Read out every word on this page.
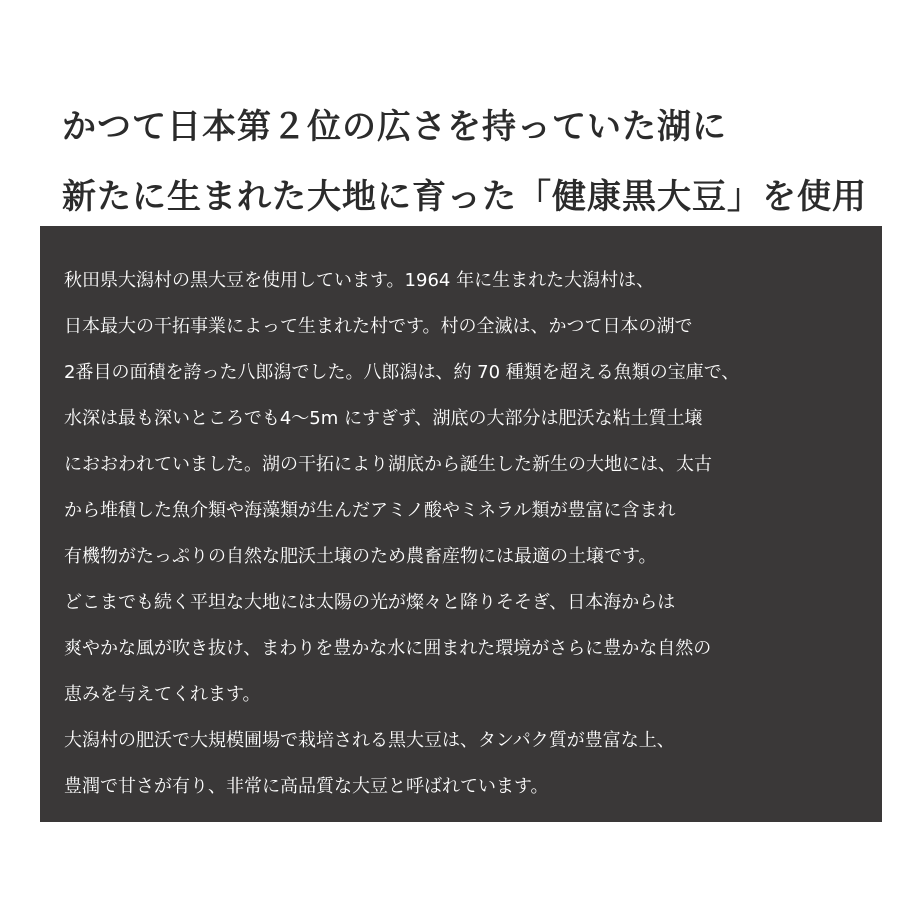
かつて日本第２位の広さを持っていた湖に
新たに生まれた大地に育った「健康黒大豆」を使用

秋田県大潟村の黒大豆を使用しています。1964 年に生まれた大潟村は、
日本最大の干拓事業によって生まれた村です。村の全滅は、かつて日本の湖で
2番目の面積を誇った八郎潟でした。八郎潟は、約 70 種類を超える魚類の宝庫で、
水深は最も深いところでも4～5m にすぎず、湖底の大部分は肥沃な粘土質土壌
におおわれていました。湖の干拓により湖底から誕生した新生の大地には、太古
から堆積した魚介類や海藻類が生んだアミノ酸やミネラル類が豊富に含まれ
有機物がたっぷりの自然な肥沃土壌のため農畜産物には最適の土壌です。
どこまでも続く平坦な大地には太陽の光が燦々と降りそそぎ、日本海からは
爽やかな風が吹き抜け、まわりを豊かな水に囲まれた環境がさらに豊かな自然の
恵みを与えてくれます。
大潟村の肥沃で大規模圃場で栽培される黒大豆は、タンパク質が豊富な上、
豊潤で甘さが有り、非常に高品質な大豆と呼ばれています。
